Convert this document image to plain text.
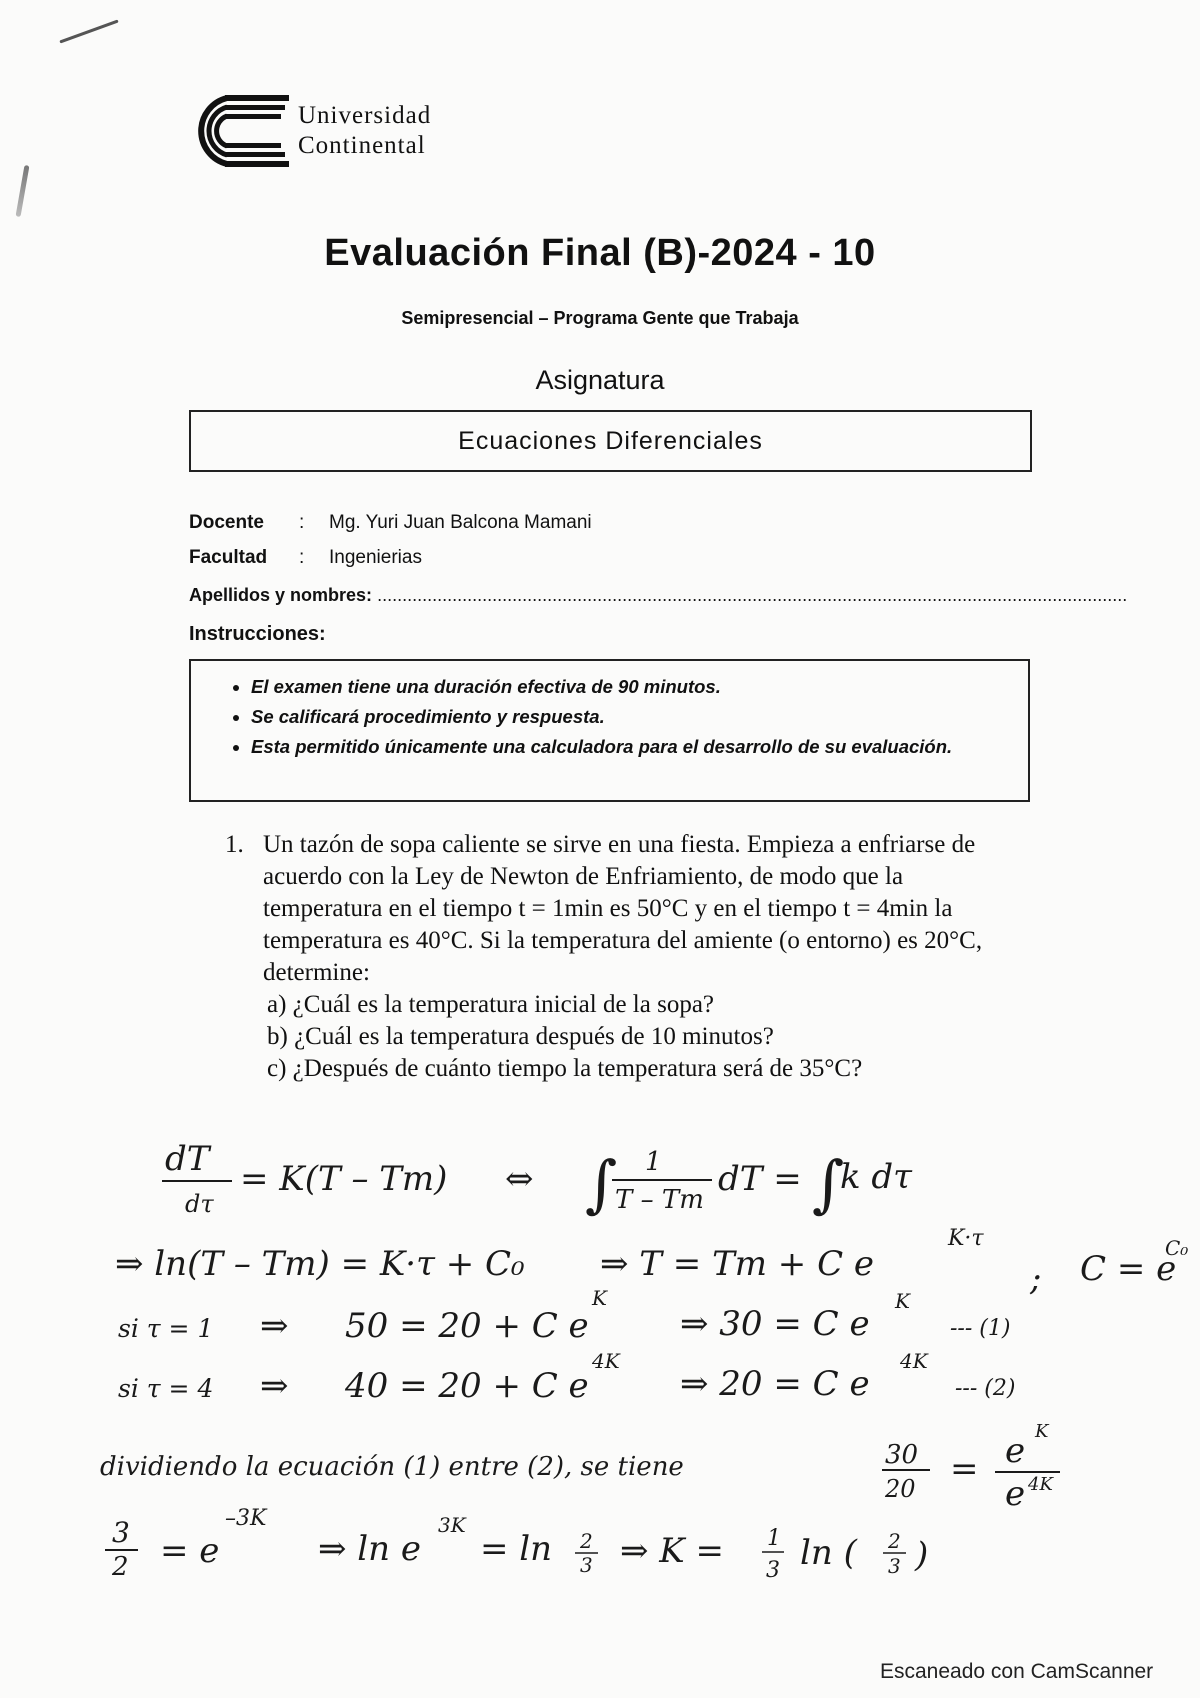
Universidad
Continental
Evaluación Final (B)-2024 - 10
Semipresencial – Programa Gente que Trabaja
Asignatura
Ecuaciones Diferenciales
Docente : Mg. Yuri Juan Balcona Mamani
Facultad : Ingenierias
Apellidos y nombres: ......................................................................................................................................................
Instrucciones:
• El examen tiene una duración efectiva de 90 minutos.
• Se calificará procedimiento y respuesta.
• Esta permitido únicamente una calculadora para el desarrollo de su evaluación.
1. Un tazón de sopa caliente se sirve en una fiesta. Empieza a enfriarse de acuerdo con la Ley de Newton de Enfriamiento, de modo que la temperatura en el tiempo t = 1min es 50°C y en el tiempo t = 4min la temperatura es 40°C. Si la temperatura del amiente (o entorno) es 20°C, determine:
a) ¿Cuál es la temperatura inicial de la sopa?
b) ¿Cuál es la temperatura después de 10 minutos?
c) ¿Después de cuánto tiempo la temperatura será de 35°C?
dT
dτ
= K(T – Tm) ⇔ ∫ 1
T – Tm
dT = ∫
k dτ
⇒ ln(T – Tm) = K·τ + C₀ ⇒ T = Tm + C e
K·τ
; C = e
C₀
si τ = 1 ⇒ 50 = 20 + C e
K
⇒ 30 = C e
K
--- (1)
si τ = 4 ⇒ 40 = 20 + C e
4K
⇒ 20 = C e
4K
--- (2)
dividiendo la ecuación (1) entre (2), se tiene	30
20 = e K
e 4K
3
2 = e
–3K
⇒ ln e
3K
= ln 2
3 ⇒ K = 1
3 ln ( 2
3 )
Escaneado con CamScanner
